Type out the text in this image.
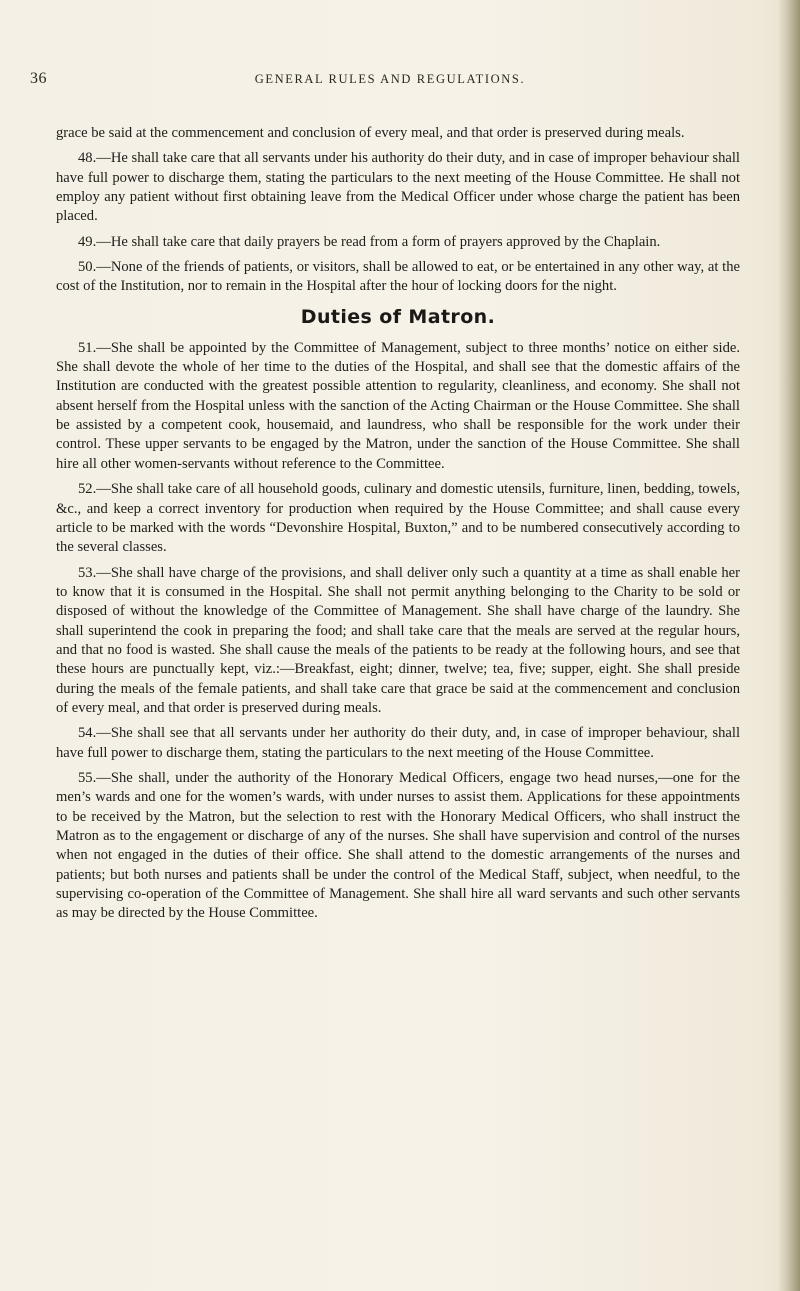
36	GENERAL RULES AND REGULATIONS.

grace be said at the commencement and conclusion of every meal, and that order is preserved during meals.

48.—He shall take care that all servants under his authority do their duty, and in case of improper behaviour shall have full power to discharge them, stating the particulars to the next meeting of the House Committee. He shall not employ any patient without first obtaining leave from the Medical Officer under whose charge the patient has been placed.

49.—He shall take care that daily prayers be read from a form of prayers approved by the Chaplain.

50.—None of the friends of patients, or visitors, shall be allowed to eat, or be entertained in any other way, at the cost of the Institution, nor to remain in the Hospital after the hour of locking doors for the night.

Duties of Matron.

51.—She shall be appointed by the Committee of Management, subject to three months’ notice on either side. She shall devote the whole of her time to the duties of the Hospital, and shall see that the domestic affairs of the Institution are conducted with the greatest possible attention to regularity, cleanliness, and economy. She shall not absent herself from the Hospital unless with the sanction of the Acting Chairman or the House Committee. She shall be assisted by a competent cook, housemaid, and laundress, who shall be responsible for the work under their control. These upper servants to be engaged by the Matron, under the sanction of the House Committee. She shall hire all other women-servants without reference to the Committee.

52.—She shall take care of all household goods, culinary and domestic utensils, furniture, linen, bedding, towels, &c., and keep a correct inventory for production when required by the House Committee; and shall cause every article to be marked with the words “Devonshire Hospital, Buxton,” and to be numbered consecutively according to the several classes.

53.—She shall have charge of the provisions, and shall deliver only such a quantity at a time as shall enable her to know that it is consumed in the Hospital. She shall not permit anything belonging to the Charity to be sold or disposed of without the knowledge of the Committee of Management. She shall have charge of the laundry. She shall superintend the cook in preparing the food; and shall take care that the meals are served at the regular hours, and that no food is wasted. She shall cause the meals of the patients to be ready at the following hours, and see that these hours are punctually kept, viz.:—Breakfast, eight; dinner, twelve; tea, five; supper, eight. She shall preside during the meals of the female patients, and shall take care that grace be said at the commencement and conclusion of every meal, and that order is preserved during meals.

54.—She shall see that all servants under her authority do their duty, and, in case of improper behaviour, shall have full power to discharge them, stating the particulars to the next meeting of the House Committee.

55.—She shall, under the authority of the Honorary Medical Officers, engage two head nurses,—one for the men’s wards and one for the women’s wards, with under nurses to assist them. Applications for these appointments to be received by the Matron, but the selection to rest with the Honorary Medical Officers, who shall instruct the Matron as to the engagement or discharge of any of the nurses. She shall have supervision and control of the nurses when not engaged in the duties of their office. She shall attend to the domestic arrangements of the nurses and patients; but both nurses and patients shall be under the control of the Medical Staff, subject, when needful, to the supervising co-operation of the Committee of Management. She shall hire all ward servants and such other servants as may be directed by the House Committee.
